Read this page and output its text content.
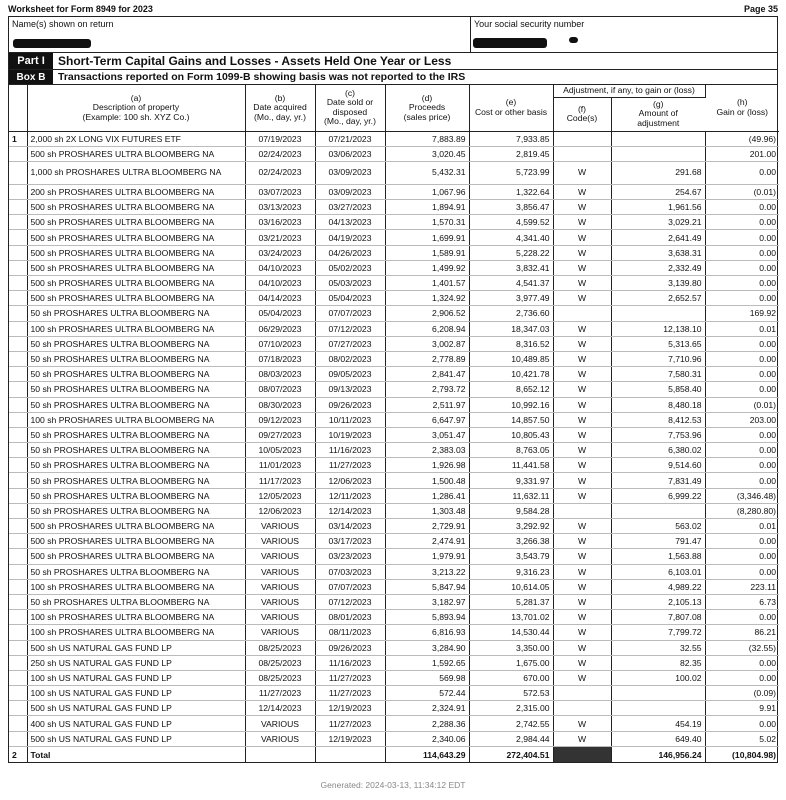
Worksheet for Form 8949 for 2023	Page 35
Name(s) shown on return	Your social security number
Part I	Short-Term Capital Gains and Losses - Assets Held One Year or Less
Box B	Transactions reported on Form 1099-B showing basis was not reported to the IRS
	(a)
Description of property
(Example: 100 sh. XYZ Co.)	(b)
Date acquired
(Mo., day, yr.)	(c)
Date sold or
disposed
(Mo., day, yr.)	(d)
Proceeds
(sales price)	(e)
Cost or other basis	Adjustment, if any, to gain or (loss)		(h)
Gain or (loss)
						(f)
Code(s)	(g)
Amount of
adjustment	
1	2,000 sh 2X LONG VIX FUTURES ETF	07/19/2023	07/21/2023	7,883.89	7,933.85			(49.96)
	500 sh PROSHARES ULTRA BLOOMBERG NA	02/24/2023	03/06/2023	3,020.45	2,819.45			201.00
	1,000 sh PROSHARES ULTRA BLOOMBERG NA	02/24/2023	03/09/2023	5,432.31	5,723.99	W	291.68	0.00
	200 sh PROSHARES ULTRA BLOOMBERG NA	03/07/2023	03/09/2023	1,067.96	1,322.64	W	254.67	(0.01)
	500 sh PROSHARES ULTRA BLOOMBERG NA	03/13/2023	03/27/2023	1,894.91	3,856.47	W	1,961.56	0.00
	500 sh PROSHARES ULTRA BLOOMBERG NA	03/16/2023	04/13/2023	1,570.31	4,599.52	W	3,029.21	0.00
	500 sh PROSHARES ULTRA BLOOMBERG NA	03/21/2023	04/19/2023	1,699.91	4,341.40	W	2,641.49	0.00
	500 sh PROSHARES ULTRA BLOOMBERG NA	03/24/2023	04/26/2023	1,589.91	5,228.22	W	3,638.31	0.00
	500 sh PROSHARES ULTRA BLOOMBERG NA	04/10/2023	05/02/2023	1,499.92	3,832.41	W	2,332.49	0.00
	500 sh PROSHARES ULTRA BLOOMBERG NA	04/10/2023	05/03/2023	1,401.57	4,541.37	W	3,139.80	0.00
	500 sh PROSHARES ULTRA BLOOMBERG NA	04/14/2023	05/04/2023	1,324.92	3,977.49	W	2,652.57	0.00
	50 sh PROSHARES ULTRA BLOOMBERG NA	05/04/2023	07/07/2023	2,906.52	2,736.60			169.92
	100 sh PROSHARES ULTRA BLOOMBERG NA	06/29/2023	07/12/2023	6,208.94	18,347.03	W	12,138.10	0.01
	50 sh PROSHARES ULTRA BLOOMBERG NA	07/10/2023	07/27/2023	3,002.87	8,316.52	W	5,313.65	0.00
	50 sh PROSHARES ULTRA BLOOMBERG NA	07/18/2023	08/02/2023	2,778.89	10,489.85	W	7,710.96	0.00
	50 sh PROSHARES ULTRA BLOOMBERG NA	08/03/2023	09/05/2023	2,841.47	10,421.78	W	7,580.31	0.00
	50 sh PROSHARES ULTRA BLOOMBERG NA	08/07/2023	09/13/2023	2,793.72	8,652.12	W	5,858.40	0.00
	50 sh PROSHARES ULTRA BLOOMBERG NA	08/30/2023	09/26/2023	2,511.97	10,992.16	W	8,480.18	(0.01)
	100 sh PROSHARES ULTRA BLOOMBERG NA	09/12/2023	10/11/2023	6,647.97	14,857.50	W	8,412.53	203.00
	50 sh PROSHARES ULTRA BLOOMBERG NA	09/27/2023	10/19/2023	3,051.47	10,805.43	W	7,753.96	0.00
	50 sh PROSHARES ULTRA BLOOMBERG NA	10/05/2023	11/16/2023	2,383.03	8,763.05	W	6,380.02	0.00
	50 sh PROSHARES ULTRA BLOOMBERG NA	11/01/2023	11/27/2023	1,926.98	11,441.58	W	9,514.60	0.00
	50 sh PROSHARES ULTRA BLOOMBERG NA	11/17/2023	12/06/2023	1,500.48	9,331.97	W	7,831.49	0.00
	50 sh PROSHARES ULTRA BLOOMBERG NA	12/05/2023	12/11/2023	1,286.41	11,632.11	W	6,999.22	(3,346.48)
	50 sh PROSHARES ULTRA BLOOMBERG NA	12/06/2023	12/14/2023	1,303.48	9,584.28			(8,280.80)
	500 sh PROSHARES ULTRA BLOOMBERG NA	VARIOUS	03/14/2023	2,729.91	3,292.92	W	563.02	0.01
	500 sh PROSHARES ULTRA BLOOMBERG NA	VARIOUS	03/17/2023	2,474.91	3,266.38	W	791.47	0.00
	500 sh PROSHARES ULTRA BLOOMBERG NA	VARIOUS	03/23/2023	1,979.91	3,543.79	W	1,563.88	0.00
	50 sh PROSHARES ULTRA BLOOMBERG NA	VARIOUS	07/03/2023	3,213.22	9,316.23	W	6,103.01	0.00
	100 sh PROSHARES ULTRA BLOOMBERG NA	VARIOUS	07/07/2023	5,847.94	10,614.05	W	4,989.22	223.11
	50 sh PROSHARES ULTRA BLOOMBERG NA	VARIOUS	07/12/2023	3,182.97	5,281.37	W	2,105.13	6.73
	100 sh PROSHARES ULTRA BLOOMBERG NA	VARIOUS	08/01/2023	5,893.94	13,701.02	W	7,807.08	0.00
	100 sh PROSHARES ULTRA BLOOMBERG NA	VARIOUS	08/11/2023	6,816.93	14,530.44	W	7,799.72	86.21
	500 sh US NATURAL GAS FUND LP	08/25/2023	09/26/2023	3,284.90	3,350.00	W	32.55	(32.55)
	250 sh US NATURAL GAS FUND LP	08/25/2023	11/16/2023	1,592.65	1,675.00	W	82.35	0.00
	100 sh US NATURAL GAS FUND LP	08/25/2023	11/27/2023	569.98	670.00	W	100.02	0.00
	100 sh US NATURAL GAS FUND LP	11/27/2023	11/27/2023	572.44	572.53			(0.09)
	500 sh US NATURAL GAS FUND LP	12/14/2023	12/19/2023	2,324.91	2,315.00			9.91
	400 sh US NATURAL GAS FUND LP	VARIOUS	11/27/2023	2,288.36	2,742.55	W	454.19	0.00
	500 sh US NATURAL GAS FUND LP	VARIOUS	12/19/2023	2,340.06	2,984.44	W	649.40	5.02
2	Total			114,643.29	272,404.51		146,956.24	(10,804.98)
Generated: 2024-03-13, 11:34:12 EDT
